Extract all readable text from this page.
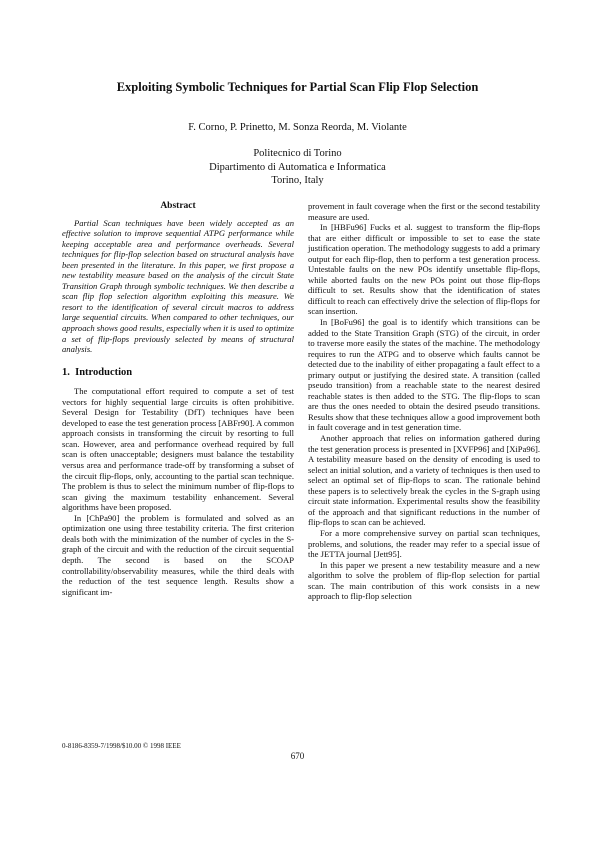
Exploiting Symbolic Techniques for Partial Scan Flip Flop Selection
F. Corno, P. Prinetto, M. Sonza Reorda, M. Violante
Politecnico di Torino
Dipartimento di Automatica e Informatica
Torino, Italy
Abstract

Partial Scan techniques have been widely accepted as an effective solution to improve sequential ATPG performance while keeping acceptable area and performance overheads. Several techniques for flip-flop selection based on structural analysis have been presented in the literature. In this paper, we first propose a new testability measure based on the analysis of the circuit State Transition Graph through symbolic techniques. We then describe a scan flip flop selection algorithm exploiting this measure. We resort to the identification of several circuit macros to address large sequential circuits. When compared to other techniques, our approach shows good results, especially when it is used to optimize a set of flip-flops previously selected by means of structural analysis.

1. Introduction

The computational effort required to compute a set of test vectors for highly sequential large circuits is often prohibitive. Several Design for Testability (DfT) techniques have been developed to ease the test generation process [ABFr90]. A common approach consists in transforming the circuit by resorting to full scan. However, area and performance overhead required by full scan is often unacceptable; designers must balance the testability versus area and performance trade-off by transforming a subset of the circuit flip-flops, only, accounting to the partial scan technique. The problem is thus to select the minimum number of flip-flops to scan giving the maximum testability enhancement. Several algorithms have been proposed.

In [ChPa90] the problem is formulated and solved as an optimization one using three testability criteria. The first criterion deals both with the minimization of the number of cycles in the S-graph of the circuit and with the reduction of the circuit sequential depth. The second is based on the SCOAP controllability/observability measures, while the third deals with the reduction of the test sequence length. Results show a significant im-

provement in fault coverage when the first or the second testability measure are used.

In [HBFu96] Fucks et al. suggest to transform the flip-flops that are either difficult or impossible to set to ease the state justification operation. The methodology suggests to add a primary output for each flip-flop, then to perform a test generation process. Untestable faults on the new POs identify unsettable flip-flops, while aborted faults on the new POs point out those flip-flops difficult to set. Results show that the identification of states difficult to reach can effectively drive the selection of flip-flops for scan insertion.

In [BoFu96] the goal is to identify which transitions can be added to the State Transition Graph (STG) of the circuit, in order to traverse more easily the states of the machine. The methodology requires to run the ATPG and to observe which faults cannot be detected due to the inability of either propagating a fault effect to a primary output or justifying the desired state. A transition (called pseudo transition) from a reachable state to the nearest desired reachable states is then added to the STG. The flip-flops to scan are thus the ones needed to obtain the desired pseudo transitions. Results show that these techniques allow a good improvement both in fault coverage and in test generation time.

Another approach that relies on information gathered during the test generation process is presented in [XVFP96] and [XiPa96]. A testability measure based on the density of encoding is used to select an initial solution, and a variety of techniques is then used to select an optimal set of flip-flops to scan. The rationale behind these papers is to selectively break the cycles in the S-graph using circuit state information. Experimental results show the feasibility of the approach and that significant reductions in the number of flip-flops to scan can be achieved.

For a more comprehensive survey on partial scan techniques, problems, and solutions, the reader may refer to a special issue of the JETTA journal [Jett95].

In this paper we present a new testability measure and a new algorithm to solve the problem of flip-flop selection for partial scan. The main contribution of this work consists in a new approach to flip-flop selection

0-8186-8359-7/1998/$10.00 © 1998 IEEE
670
